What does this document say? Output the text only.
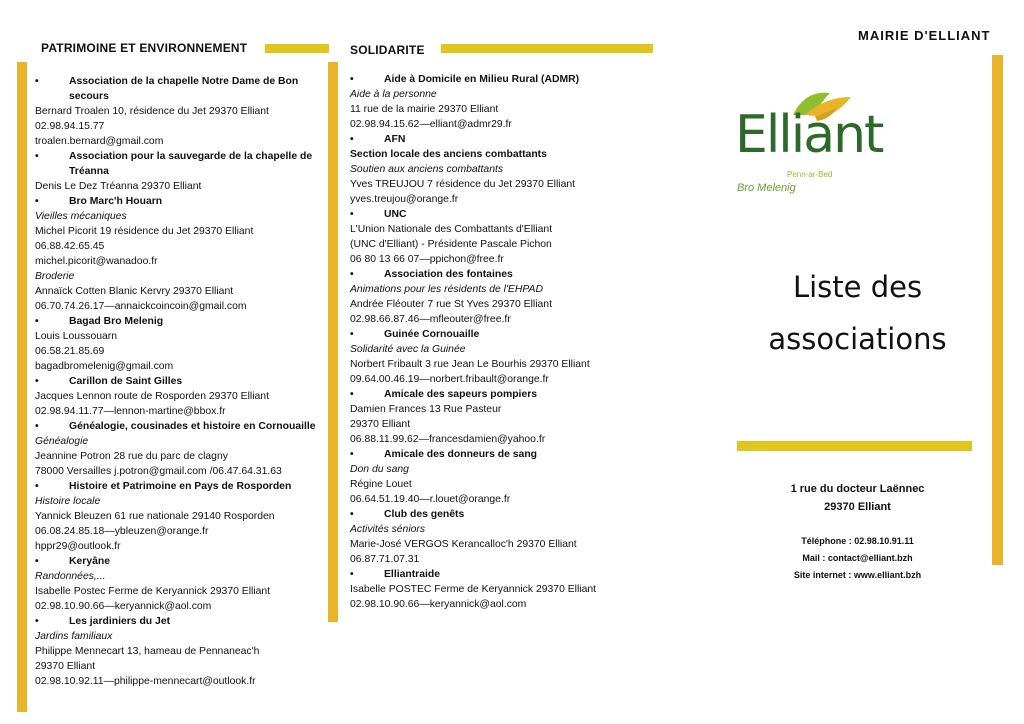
PATRIMOINE ET ENVIRONNEMENT
•	Association de la chapelle Notre Dame de Bon secours
Bernard Troalen 10, résidence du Jet 29370 Elliant
02.98.94.15.77
troalen.bernard@gmail.com
•	Association pour la sauvegarde de la chapelle de Tréanna
Denis Le Dez Tréanna 29370 Elliant
•	Bro Marc'h Houarn
Vieilles mécaniques
Michel Picorit 19 résidence du Jet 29370 Elliant
06.88.42.65.45
michel.picorit@wanadoo.fr
Broderie
Annaïck Cotten Blanic Kervry 29370 Elliant
06.70.74.26.17—annaickcoincoin@gmail.com
•	Bagad Bro Melenig
Louis Loussouarn
06.58.21.85.69
bagadbromelenig@gmail.com
•	Carillon de Saint Gilles
Jacques Lennon route de Rosporden 29370 Elliant
02.98.94.11.77—lennon-martine@bbox.fr
•	Généalogie, cousinades et histoire en Cornouaille
Généalogie
Jeannine Potron 28 rue du parc de clagny
78000 Versailles j.potron@gmail.com /06.47.64.31.63
•	Histoire et Patrimoine en Pays de Rosporden
Histoire locale
Yannick Bleuzen 61 rue nationale 29140 Rosporden
06.08.24.85.18—ybleuzen@orange.fr
hppr29@outlook.fr
•	Keryâne
Randonnées,...
Isabelle Postec Ferme de Keryannick 29370 Elliant
02.98.10.90.66—keryannick@aol.com
•	Les jardiniers du Jet
Jardins familiaux
Philippe Mennecart 13, hameau de Pennaneac'h
29370 Elliant
02.98.10.92.11—philippe-mennecart@outlook.fr
SOLIDARITE
•	Aide à Domicile en Milieu Rural (ADMR)
Aide à la personne
11 rue de la mairie 29370 Elliant
02.98.94.15.62—elliant@admr29.fr
•	AFN
Section locale des anciens combattants
Soutien aux anciens combattants
Yves TREUJOU 7 résidence du Jet 29370 Elliant
yves.treujou@orange.fr
•	UNC
L'Union Nationale des Combattants d'Elliant
(UNC d'Elliant) - Présidente Pascale Pichon
06 80 13 66 07—ppichon@free.fr
•	Association des fontaines
Animations pour les résidents de l'EHPAD
Andrée Fléouter 7 rue St Yves 29370 Elliant
02.98.66.87.46—mfleouter@free.fr
•	Guinée Cornouaille
Solidarité avec la Guinée
Norbert Fribault 3 rue Jean Le Bourhis 29370 Elliant
09.64.00.46.19—norbert.fribault@orange.fr
•	Amicale des sapeurs pompiers
Damien Frances 13 Rue Pasteur
29370 Elliant
06.88.11.99.62—francesdamien@yahoo.fr
•	Amicale des donneurs de sang
Don du sang
Régine Louet
06.64.51.19.40—r.louet@orange.fr
•	Club des genêts
Activités séniors
Marie-José VERGOS Kerancalloc'h 29370 Elliant
06.87.71.07.31
•	Elliantraide
Isabelle POSTEC Ferme de Keryannick 29370 Elliant
02.98.10.90.66—keryannick@aol.com
MAIRIE D'ELLIANT
Elliant
Penn-ar-Bed
Bro Melenig
Liste des
associations
1 rue du docteur Laënnec
29370 Elliant
Téléphone : 02.98.10.91.11
Mail : contact@elliant.bzh
Site internet : www.elliant.bzh
